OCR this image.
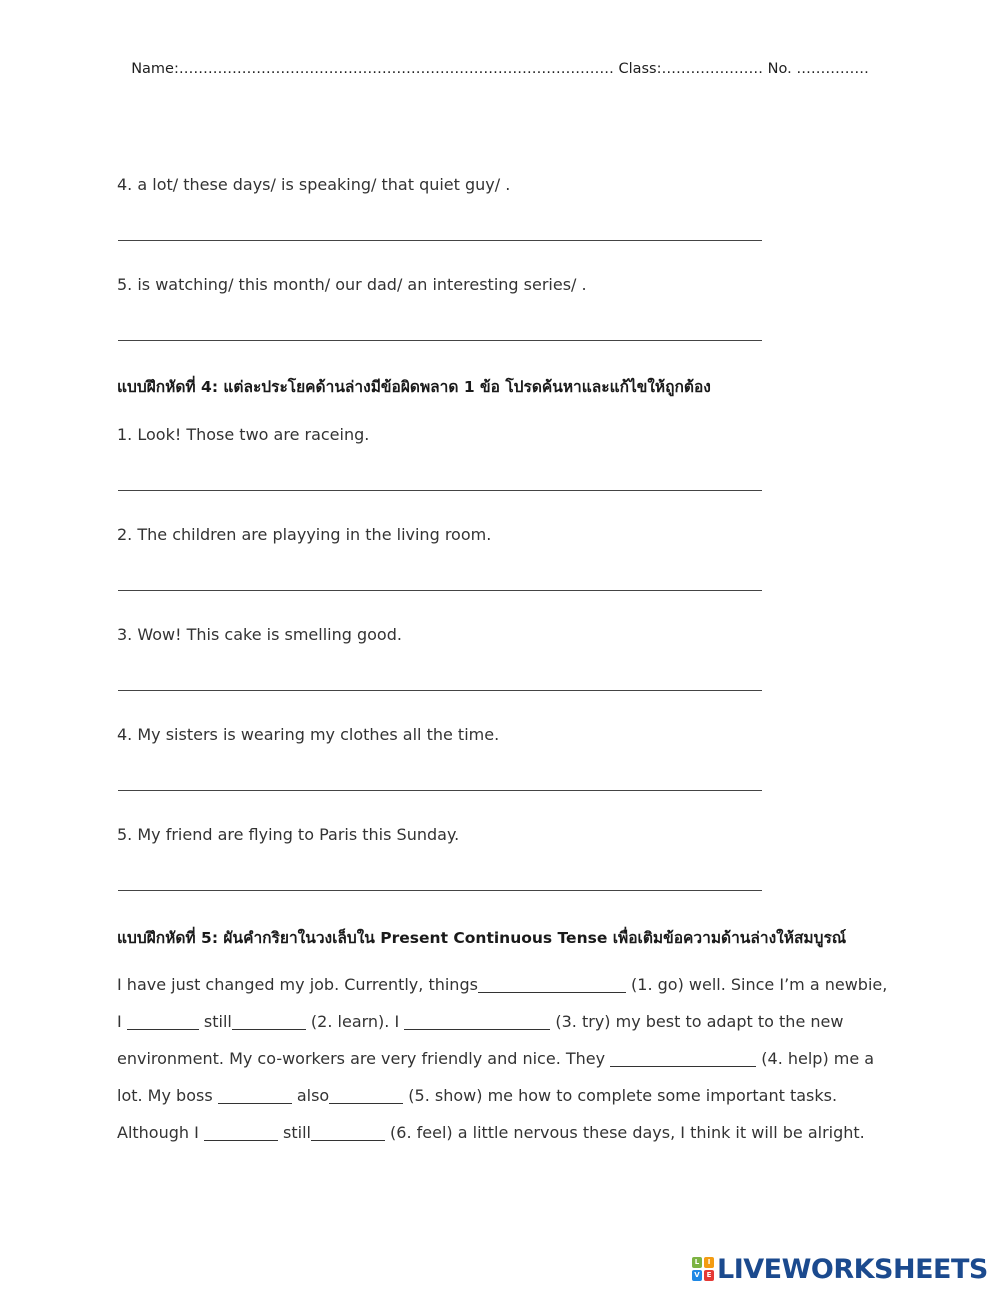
Name:……………………………………………………………………………… Class:………………… No. ……………
4. a lot/ these days/ is speaking/ that quiet guy/ .
5. is watching/ this month/ our dad/ an interesting series/ .
แบบฝึกหัดที่ 4: แต่ละประโยคด้านล่างมีข้อผิดพลาด 1 ข้อ โปรดค้นหาและแก้ไขให้ถูกต้อง
1. Look! Those two are raceing.
2. The children are playying in the living room.
3. Wow! This cake is smelling good.
4. My sisters is wearing my clothes all the time.
5. My friend are flying to Paris this Sunday.
แบบฝึกหัดที่ 5: ผันคำกริยาในวงเล็บใน Present Continuous Tense เพื่อเติมข้อความด้านล่างให้สมบูรณ์
I have just changed my job. Currently, things	(1. go) well. Since I’m a newbie,
I	still	(2. learn). I	(3. try) my best to adapt to the new
environment. My co-workers are very friendly and nice. They	(4. help) me a
lot. My boss	also	(5. show) me how to complete some important tasks.
Although I	still	(6. feel) a little nervous these days, I think it will be alright.
L	I
V E LIVEWORKSHEETS
